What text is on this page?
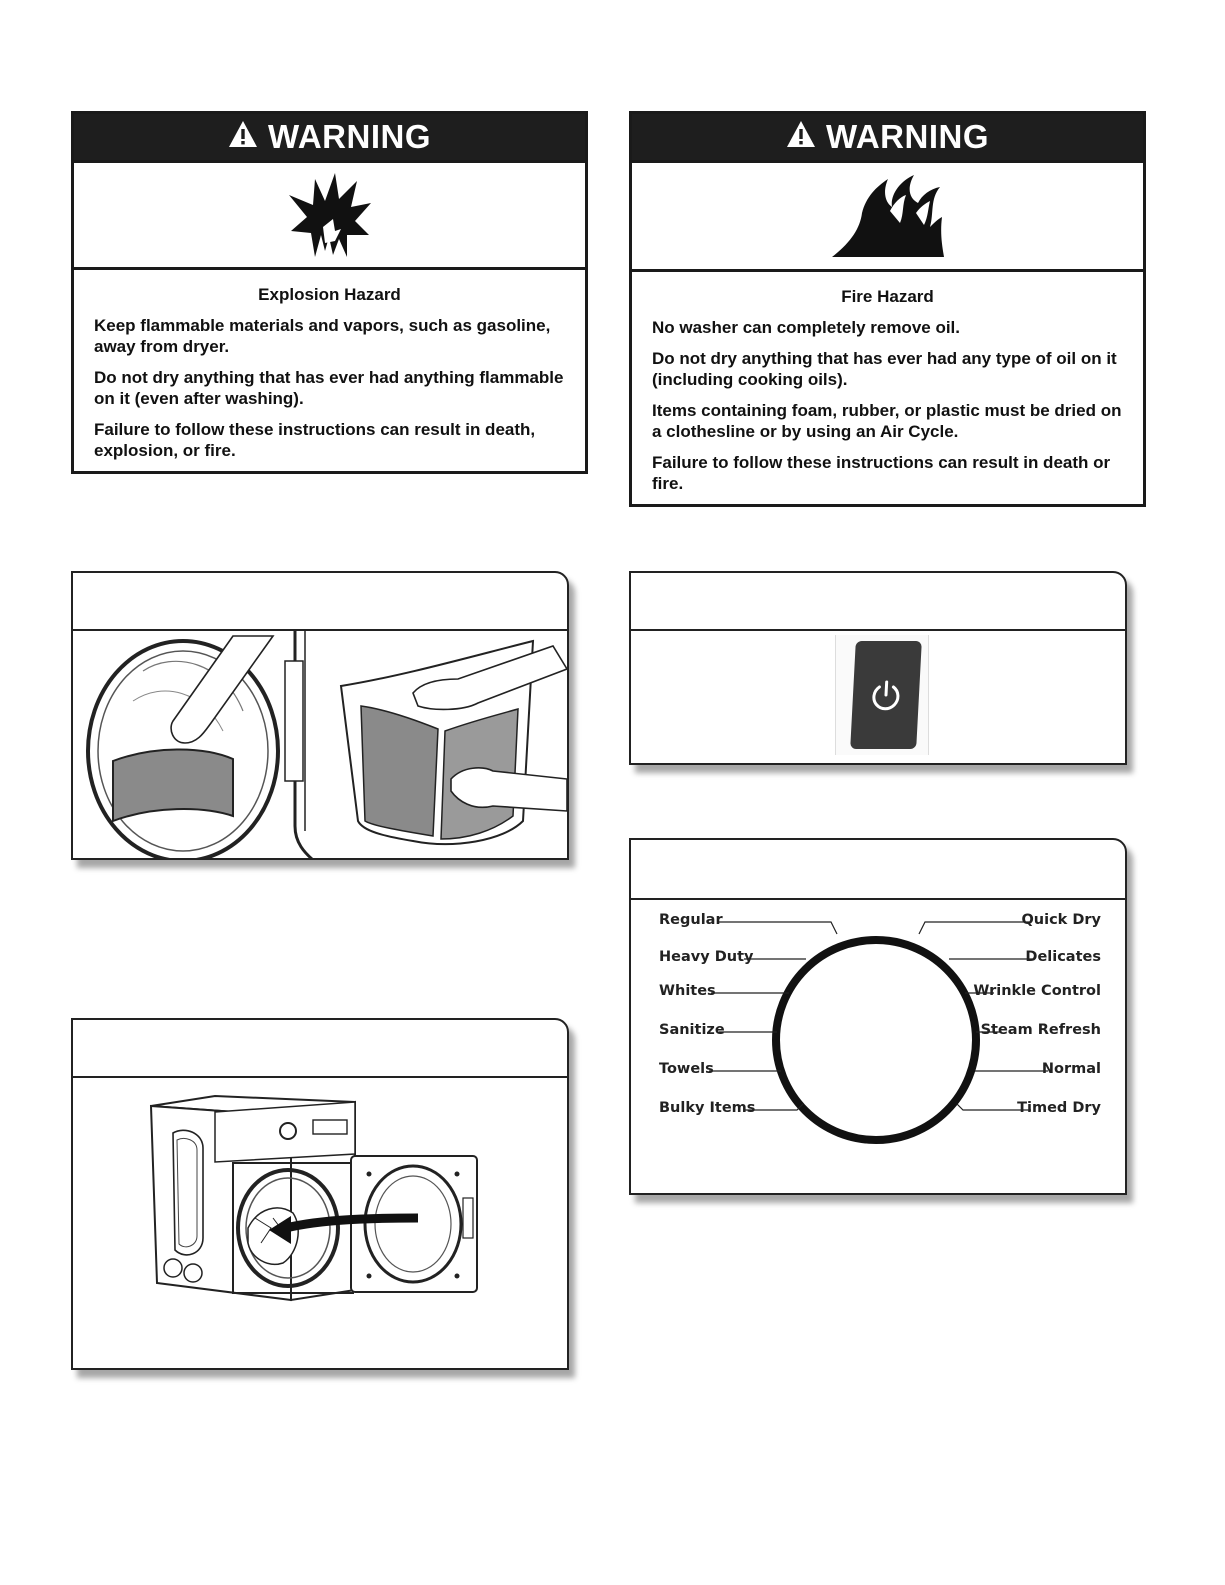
WARNING
Explosion Hazard

Keep flammable materials and vapors, such as gasoline, away from dryer.

Do not dry anything that has ever had anything flammable on it (even after washing).

Failure to follow these instructions can result in death, explosion, or fire.

WARNING
Fire Hazard

No washer can completely remove oil.

Do not dry anything that has ever had any type of oil on it (including cooking oils).

Items containing foam, rubber, or plastic must be dried on a clothesline or by using an Air Cycle.

Failure to follow these instructions can result in death or fire.

Regular
Heavy Duty
Whites
Sanitize
Towels
Bulky Items
Quick Dry
Delicates
Wrinkle Control
Steam Refresh
Normal
Timed Dry
